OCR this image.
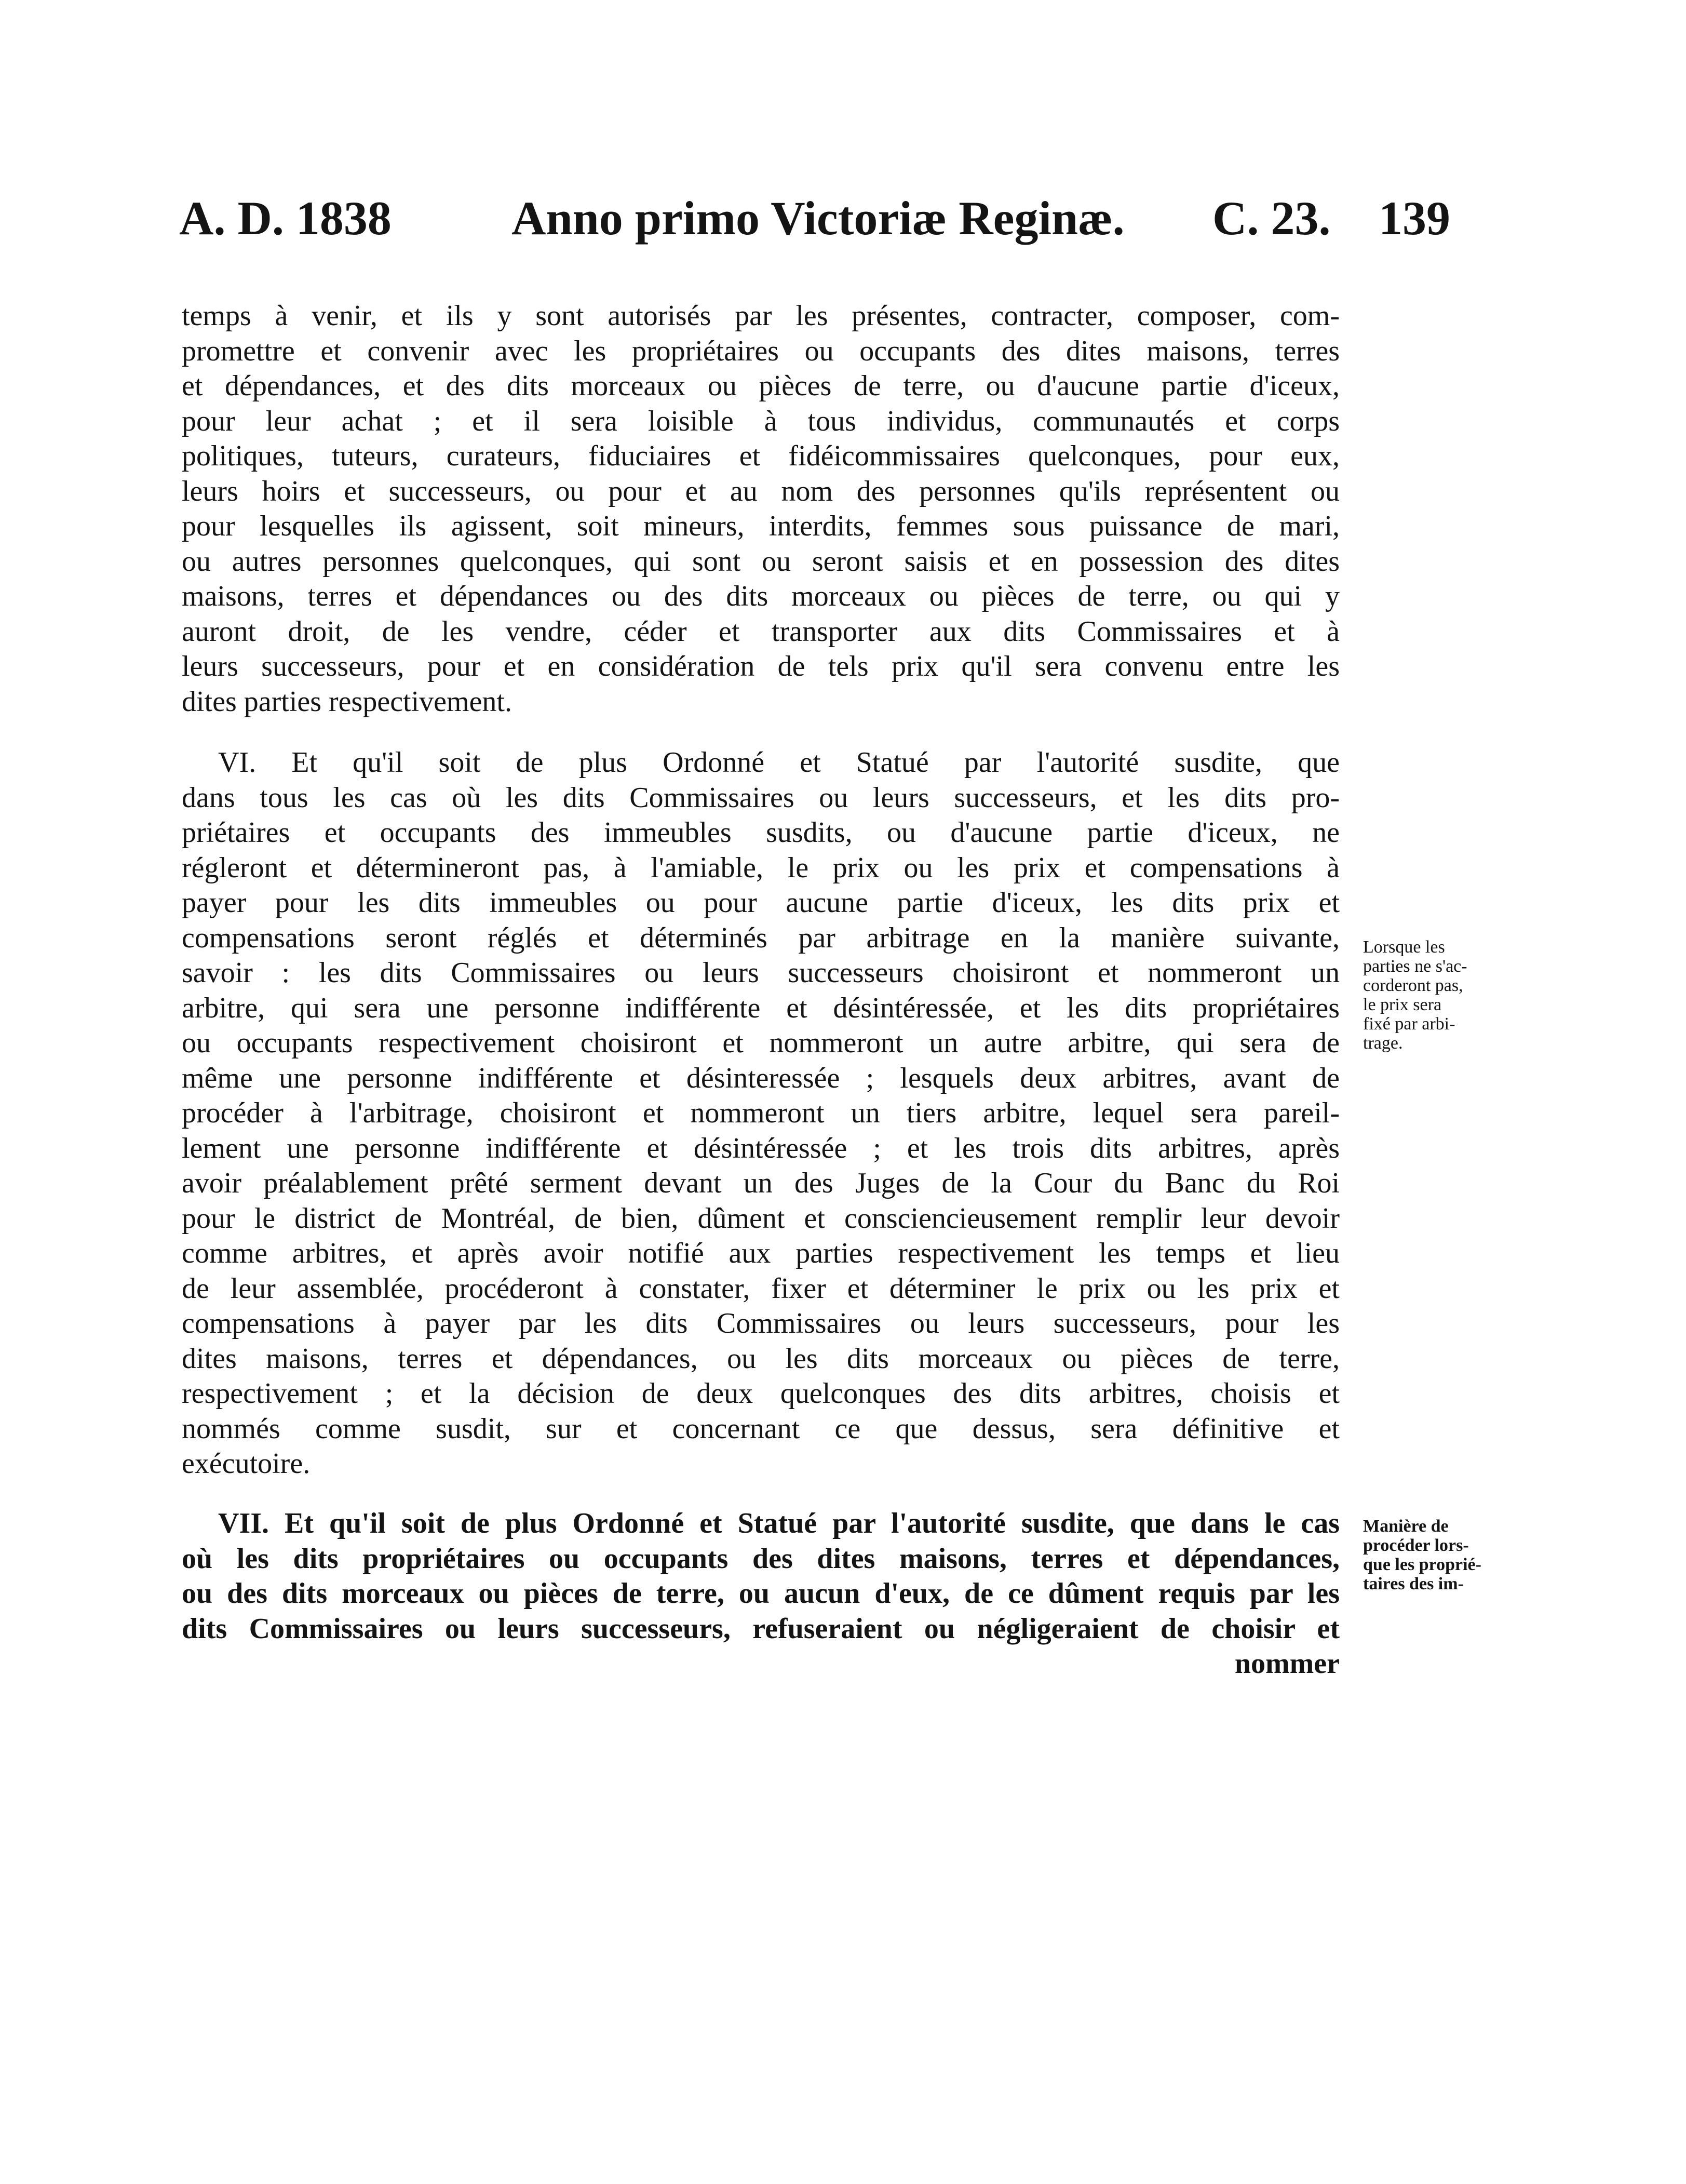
A. D. 1838	Anno primo Victoriæ Reginæ. C. 23. 139
temps à venir, et ils y sont autorisés par les présentes, contracter, composer, com-
promettre et convenir avec les propriétaires ou occupants des dites maisons, terres
et dépendances, et des dits morceaux ou pièces de terre, ou d'aucune partie d'iceux,
pour leur achat ; et il sera loisible à tous individus, communautés et corps
politiques, tuteurs, curateurs, fiduciaires et fidéicommissaires quelconques, pour eux,
leurs hoirs et successeurs, ou pour et au nom des personnes qu'ils représentent ou
pour lesquelles ils agissent, soit mineurs, interdits, femmes sous puissance de mari,
ou autres personnes quelconques, qui sont ou seront saisis et en possession des dites
maisons, terres et dépendances ou des dits morceaux ou pièces de terre, ou qui y
auront droit, de les vendre, céder et transporter aux dits Commissaires et à
leurs successeurs, pour et en considération de tels prix qu'il sera convenu entre les
dites parties respectivement.
VI. Et qu'il soit de plus Ordonné et Statué par l'autorité susdite, que
dans tous les cas où les dits Commissaires ou leurs successeurs, et les dits pro-
priétaires et occupants des immeubles susdits, ou d'aucune partie d'iceux, ne
régleront et détermineront pas, à l'amiable, le prix ou les prix et compensations à
payer pour les dits immeubles ou pour aucune partie d'iceux, les dits prix et
compensations seront réglés et déterminés par arbitrage en la manière suivante,
savoir : les dits Commissaires ou leurs successeurs choisiront et nommeront un
arbitre, qui sera une personne indifférente et désintéressée, et les dits propriétaires
ou occupants respectivement choisiront et nommeront un autre arbitre, qui sera de
même une personne indifférente et désinteressée ; lesquels deux arbitres, avant de
procéder à l'arbitrage, choisiront et nommeront un tiers arbitre, lequel sera pareil-
lement une personne indifférente et désintéressée ; et les trois dits arbitres, après
avoir préalablement prêté serment devant un des Juges de la Cour du Banc du Roi
pour le district de Montréal, de bien, dûment et consciencieusement remplir leur devoir
comme arbitres, et après avoir notifié aux parties respectivement les temps et lieu
de leur assemblée, procéderont à constater, fixer et déterminer le prix ou les prix et
compensations à payer par les dits Commissaires ou leurs successeurs, pour les
dites maisons, terres et dépendances, ou les dits morceaux ou pièces de terre,
respectivement ; et la décision de deux quelconques des dits arbitres, choisis et
nommés comme susdit, sur et concernant ce que dessus, sera définitive et
exécutoire.
VII. Et qu'il soit de plus Ordonné et Statué par l'autorité susdite, que dans le cas
où les dits propriétaires ou occupants des dites maisons, terres et dépendances,
ou des dits morceaux ou pièces de terre, ou aucun d'eux, de ce dûment requis par les
dits Commissaires ou leurs successeurs, refuseraient ou négligeraient de choisir et
nommer
Lorsque les
parties ne s'ac-
corderont pas,
le prix sera
fixé par arbi-
trage.
Manière de
procéder lors-
que les proprié-
taires des im-
